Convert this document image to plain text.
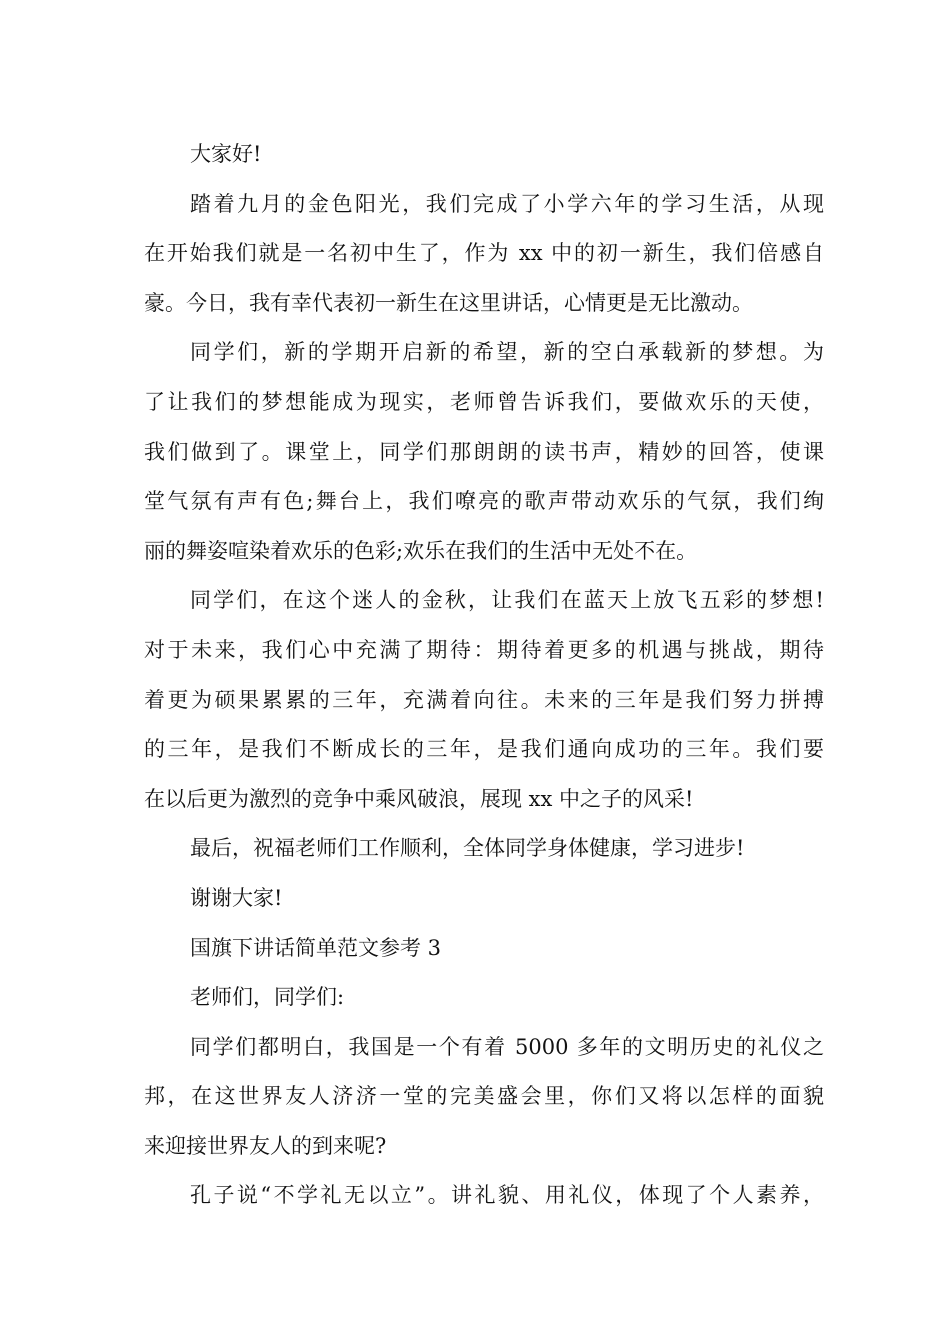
大家好!
踏着九月的金色阳光，我们完成了小学六年的学习生活，从现
在开始我们就是一名初中生了，作为 xx 中的初一新生，我们倍感自
豪。今日，我有幸代表初一新生在这里讲话，心情更是无比激动。
同学们，新的学期开启新的希望，新的空白承载新的梦想。为
了让我们的梦想能成为现实，老师曾告诉我们，要做欢乐的天使，
我们做到了。课堂上，同学们那朗朗的读书声，精妙的回答，使课
堂气氛有声有色;舞台上，我们嘹亮的歌声带动欢乐的气氛，我们绚
丽的舞姿喧染着欢乐的色彩;欢乐在我们的生活中无处不在。
同学们，在这个迷人的金秋，让我们在蓝天上放飞五彩的梦想!
对于未来，我们心中充满了期待：期待着更多的机遇与挑战，期待
着更为硕果累累的三年，充满着向往。未来的三年是我们努力拼搏
的三年，是我们不断成长的三年，是我们通向成功的三年。我们要
在以后更为激烈的竞争中乘风破浪，展现 xx 中之子的风采!
最后，祝福老师们工作顺利，全体同学身体健康，学习进步!
谢谢大家!
国旗下讲话简单范文参考 3
老师们，同学们:
同学们都明白，我国是一个有着 5000 多年的文明历史的礼仪之
邦，在这世界友人济济一堂的完美盛会里，你们又将以怎样的面貌
来迎接世界友人的到来呢?
孔子说“不学礼无以立”。讲礼貌、用礼仪，体现了个人素养，
